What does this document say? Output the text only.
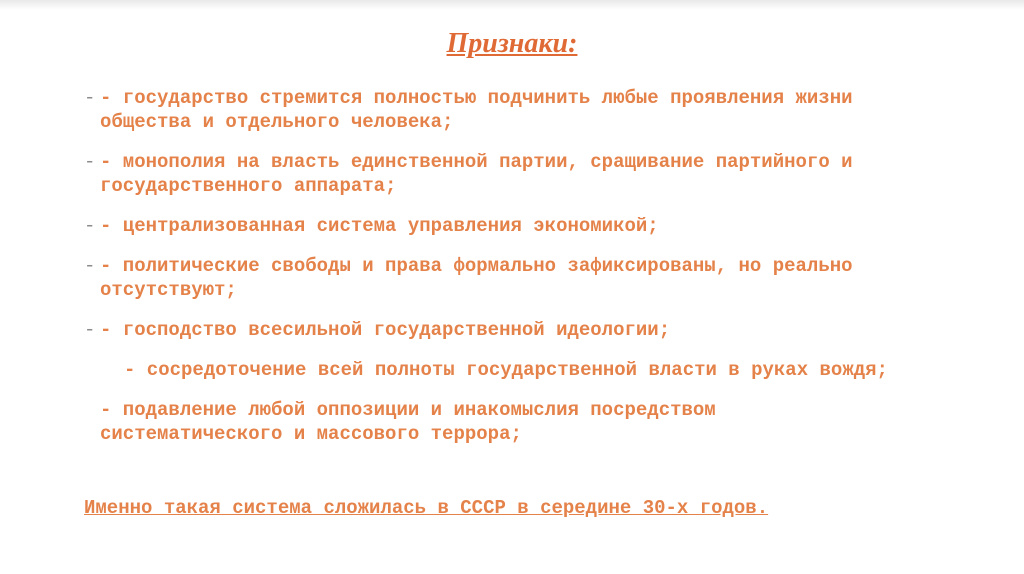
Признаки:
- - государство стремится полностью подчинить любые проявления жизни общества и отдельного человека;
- - монополия на власть единственной партии, сращивание партийного и государственного аппарата;
- - централизованная система управления экономикой;
- - политические свободы и права формально зафиксированы, но реально отсутствуют;
- - господство всесильной государственной идеологии;
- сосредоточение всей полноты государственной власти в руках вождя;
- подавление любой оппозиции и инакомыслия посредством систематического и массового террора;
Именно такая система сложилась в СССР в середине 30-х годов.
